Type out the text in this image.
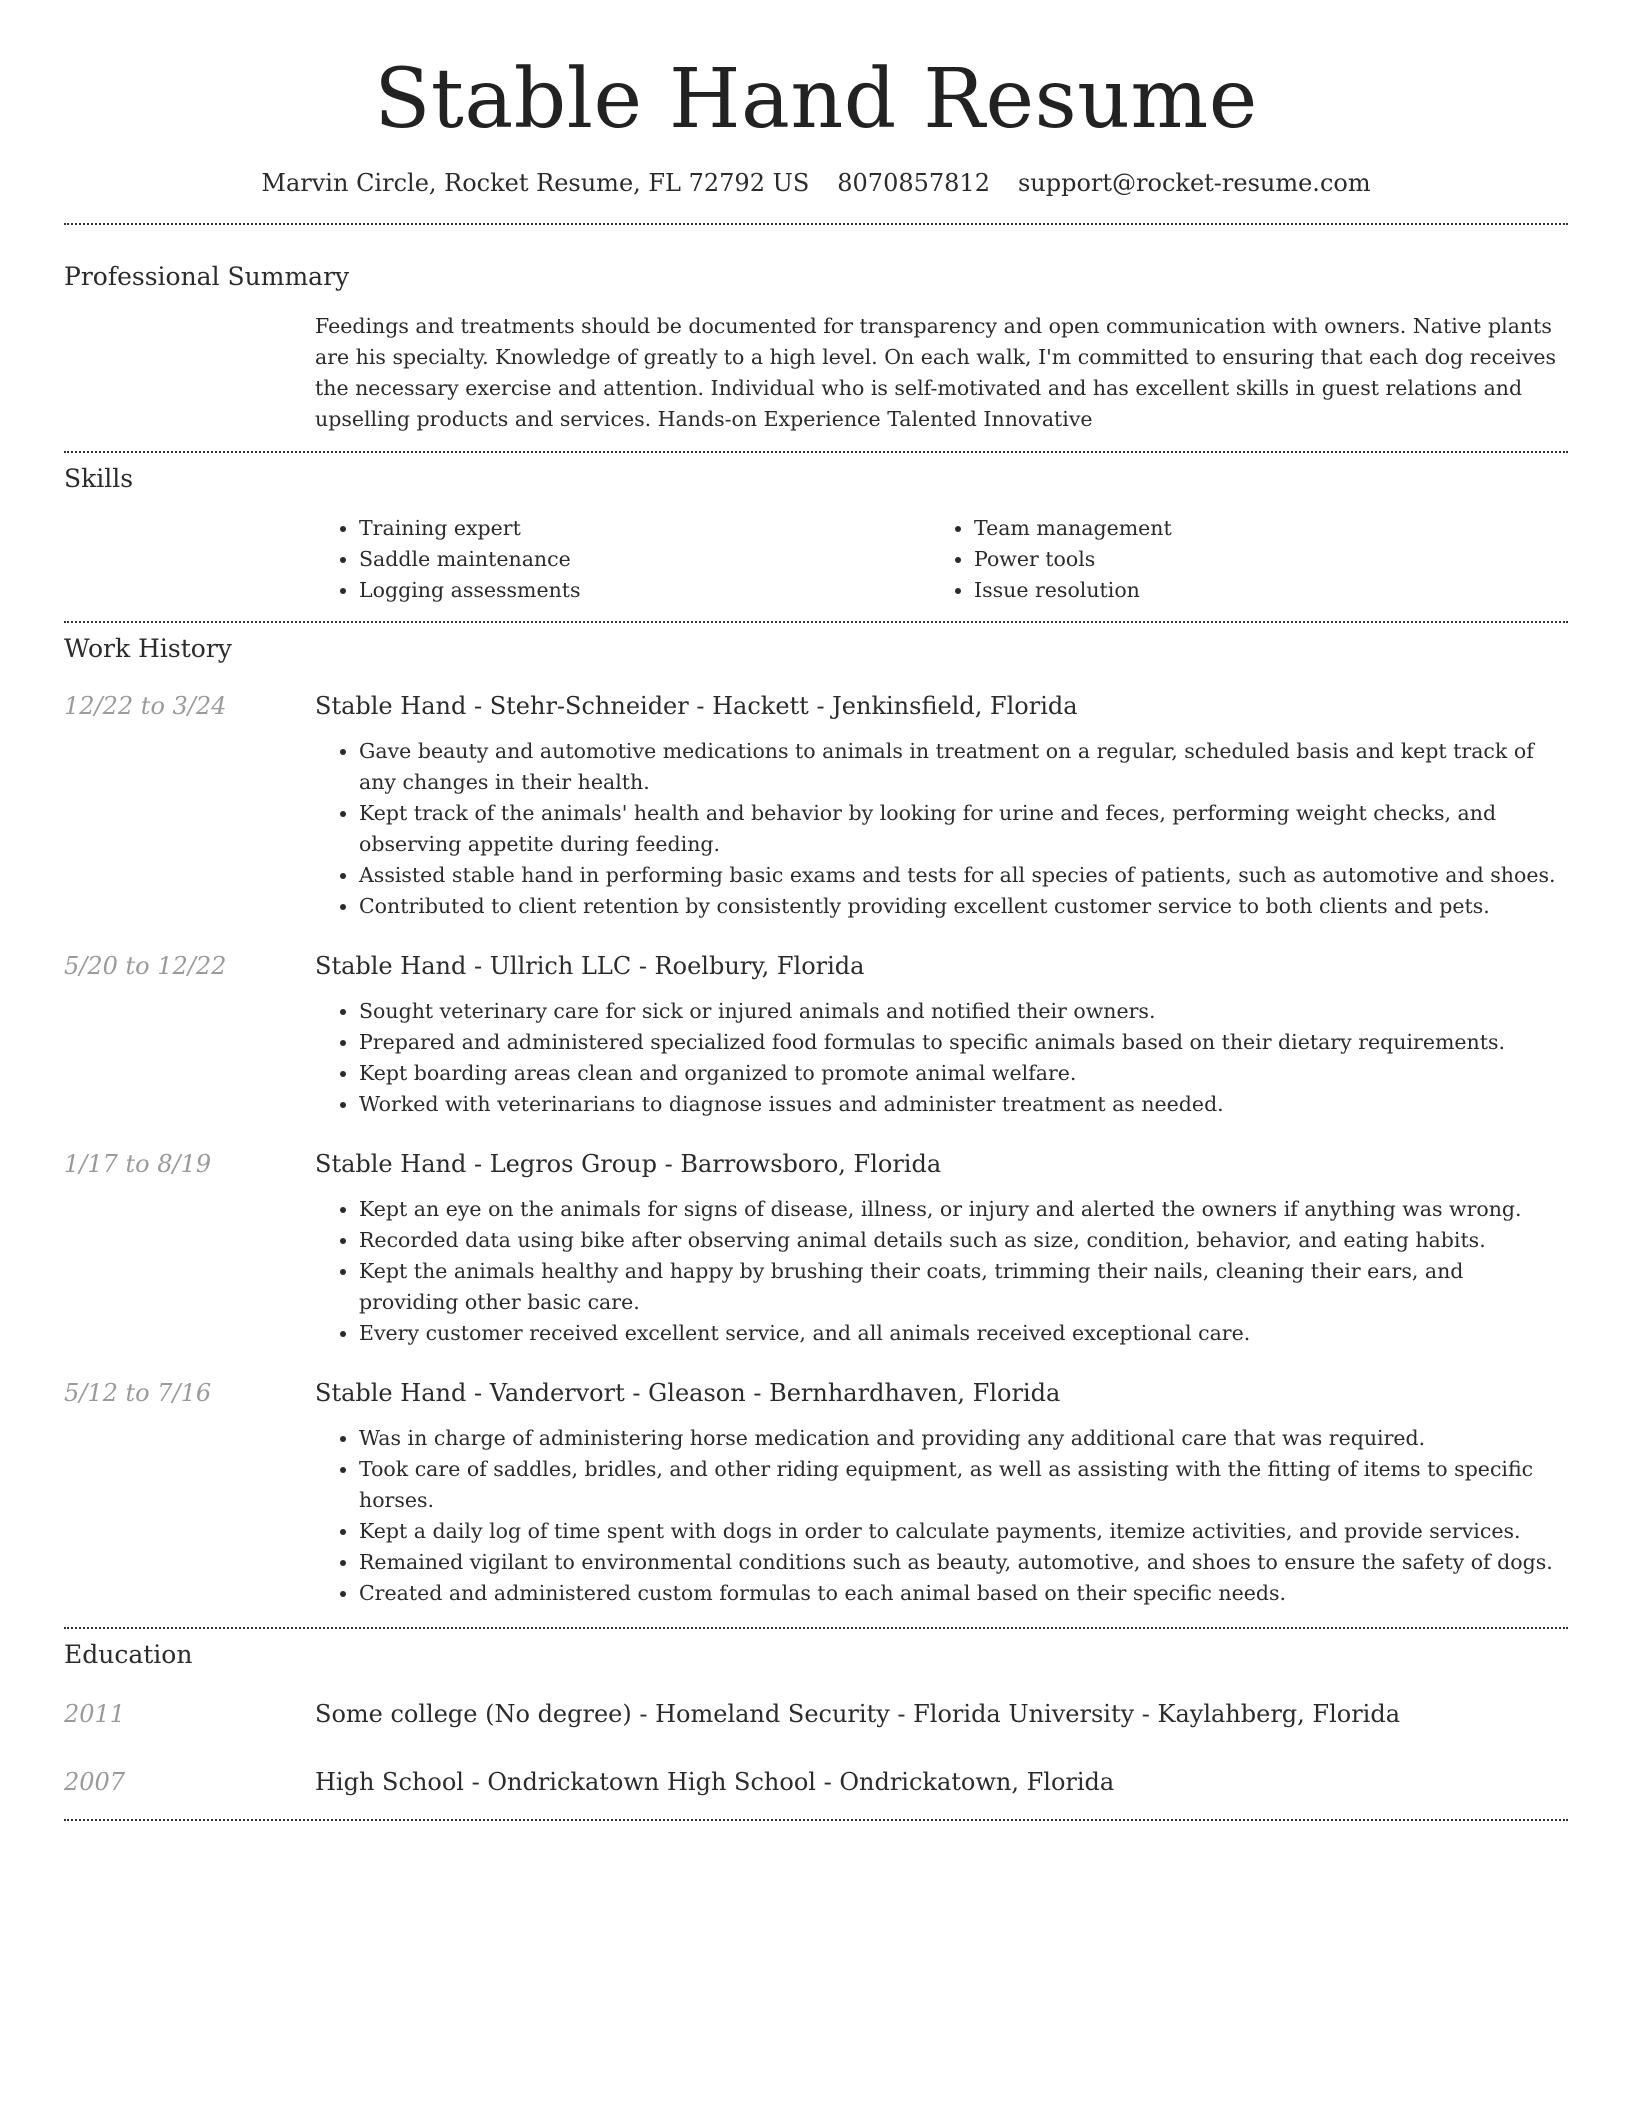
Stable Hand Resume
Marvin Circle, Rocket Resume, FL 72792 US 8070857812 support@rocket-resume.com
Professional Summary
Feedings and treatments should be documented for transparency and open communication with owners. Native plants are his specialty. Knowledge of greatly to a high level. On each walk, I'm committed to ensuring that each dog receives the necessary exercise and attention. Individual who is self-motivated and has excellent skills in guest relations and upselling products and services. Hands-on Experience Talented Innovative
Skills
• Training expert
• Saddle maintenance
• Logging assessments
• Team management
• Power tools
• Issue resolution
Work History
12/22 to 3/24	Stable Hand - Stehr-Schneider - Hackett - Jenkinsfield, Florida
• Gave beauty and automotive medications to animals in treatment on a regular, scheduled basis and kept track of any changes in their health.
• Kept track of the animals' health and behavior by looking for urine and feces, performing weight checks, and observing appetite during feeding.
• Assisted stable hand in performing basic exams and tests for all species of patients, such as automotive and shoes.
• Contributed to client retention by consistently providing excellent customer service to both clients and pets.
5/20 to 12/22	Stable Hand - Ullrich LLC - Roelbury, Florida
• Sought veterinary care for sick or injured animals and notified their owners.
• Prepared and administered specialized food formulas to specific animals based on their dietary requirements.
• Kept boarding areas clean and organized to promote animal welfare.
• Worked with veterinarians to diagnose issues and administer treatment as needed.
1/17 to 8/19	Stable Hand - Legros Group - Barrowsboro, Florida
• Kept an eye on the animals for signs of disease, illness, or injury and alerted the owners if anything was wrong.
• Recorded data using bike after observing animal details such as size, condition, behavior, and eating habits.
• Kept the animals healthy and happy by brushing their coats, trimming their nails, cleaning their ears, and providing other basic care.
• Every customer received excellent service, and all animals received exceptional care.
5/12 to 7/16	Stable Hand - Vandervort - Gleason - Bernhardhaven, Florida
• Was in charge of administering horse medication and providing any additional care that was required.
• Took care of saddles, bridles, and other riding equipment, as well as assisting with the fitting of items to specific horses.
• Kept a daily log of time spent with dogs in order to calculate payments, itemize activities, and provide services.
• Remained vigilant to environmental conditions such as beauty, automotive, and shoes to ensure the safety of dogs.
• Created and administered custom formulas to each animal based on their specific needs.
Education
2011	Some college (No degree) - Homeland Security - Florida University - Kaylahberg, Florida
2007	High School - Ondrickatown High School - Ondrickatown, Florida
